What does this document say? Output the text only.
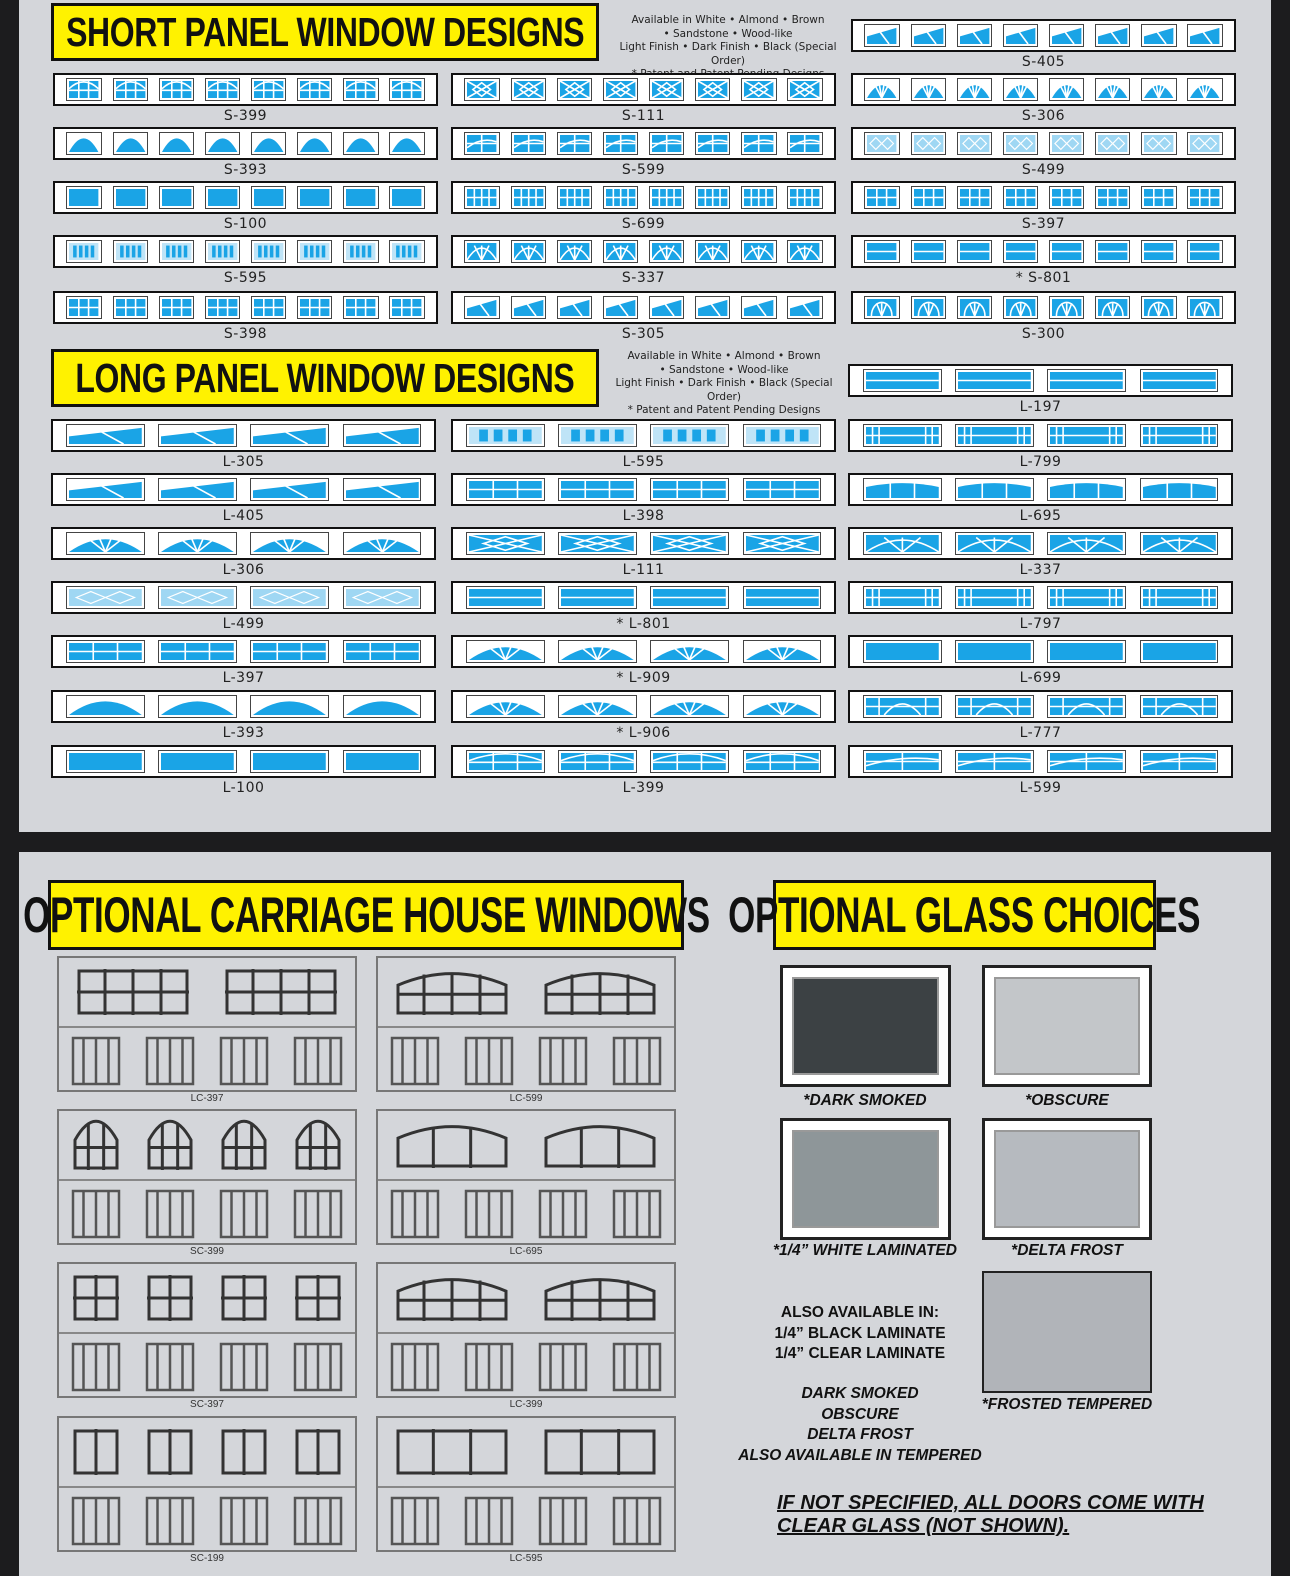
SHORT PANEL WINDOW DESIGNS	Available in White • Almond • Brown
• Sandstone • Wood-like
Light Finish • Dark Finish • Black (Special Order)
LONG PANEL WINDOW DESIGNS	Available in White • Almond • Brown
• Sandstone • Wood-like
Light Finish • Dark Finish • Black (Special Order)
* Patent and Patent Pending Designs
S-399
S-393
S-100
S-595
S-398
S-111
S-599
S-699
S-337
S-305
S-405
S-306
S-499
S-397
* S-801
S-300
L-305
L-405
L-306
L-499
L-397
L-393
L-100
L-595
L-398
L-111
* L-801
* L-909
* L-906
L-399
L-197
L-799
L-695
L-337
L-797
L-699
L-777
L-599
OPTIONAL CARRIAGE HOUSE WINDOWS OPTIONAL GLASS CHOICES
LC-397
SC-399
SC-397
SC-199
LC-599
LC-695
LC-399
LC-595
*DARK SMOKED	*OBSCURE
*1/4” WHITE LAMINATED	*DELTA FROST
*FROSTED TEMPERED
ALSO AVAILABLE IN:
1/4” BLACK LAMINATE
1/4” CLEAR LAMINATE
DARK SMOKED
OBSCURE
DELTA FROST
ALSO AVAILABLE IN TEMPERED
IF NOT SPECIFIED, ALL DOORS COME WITH
CLEAR GLASS (NOT SHOWN).
